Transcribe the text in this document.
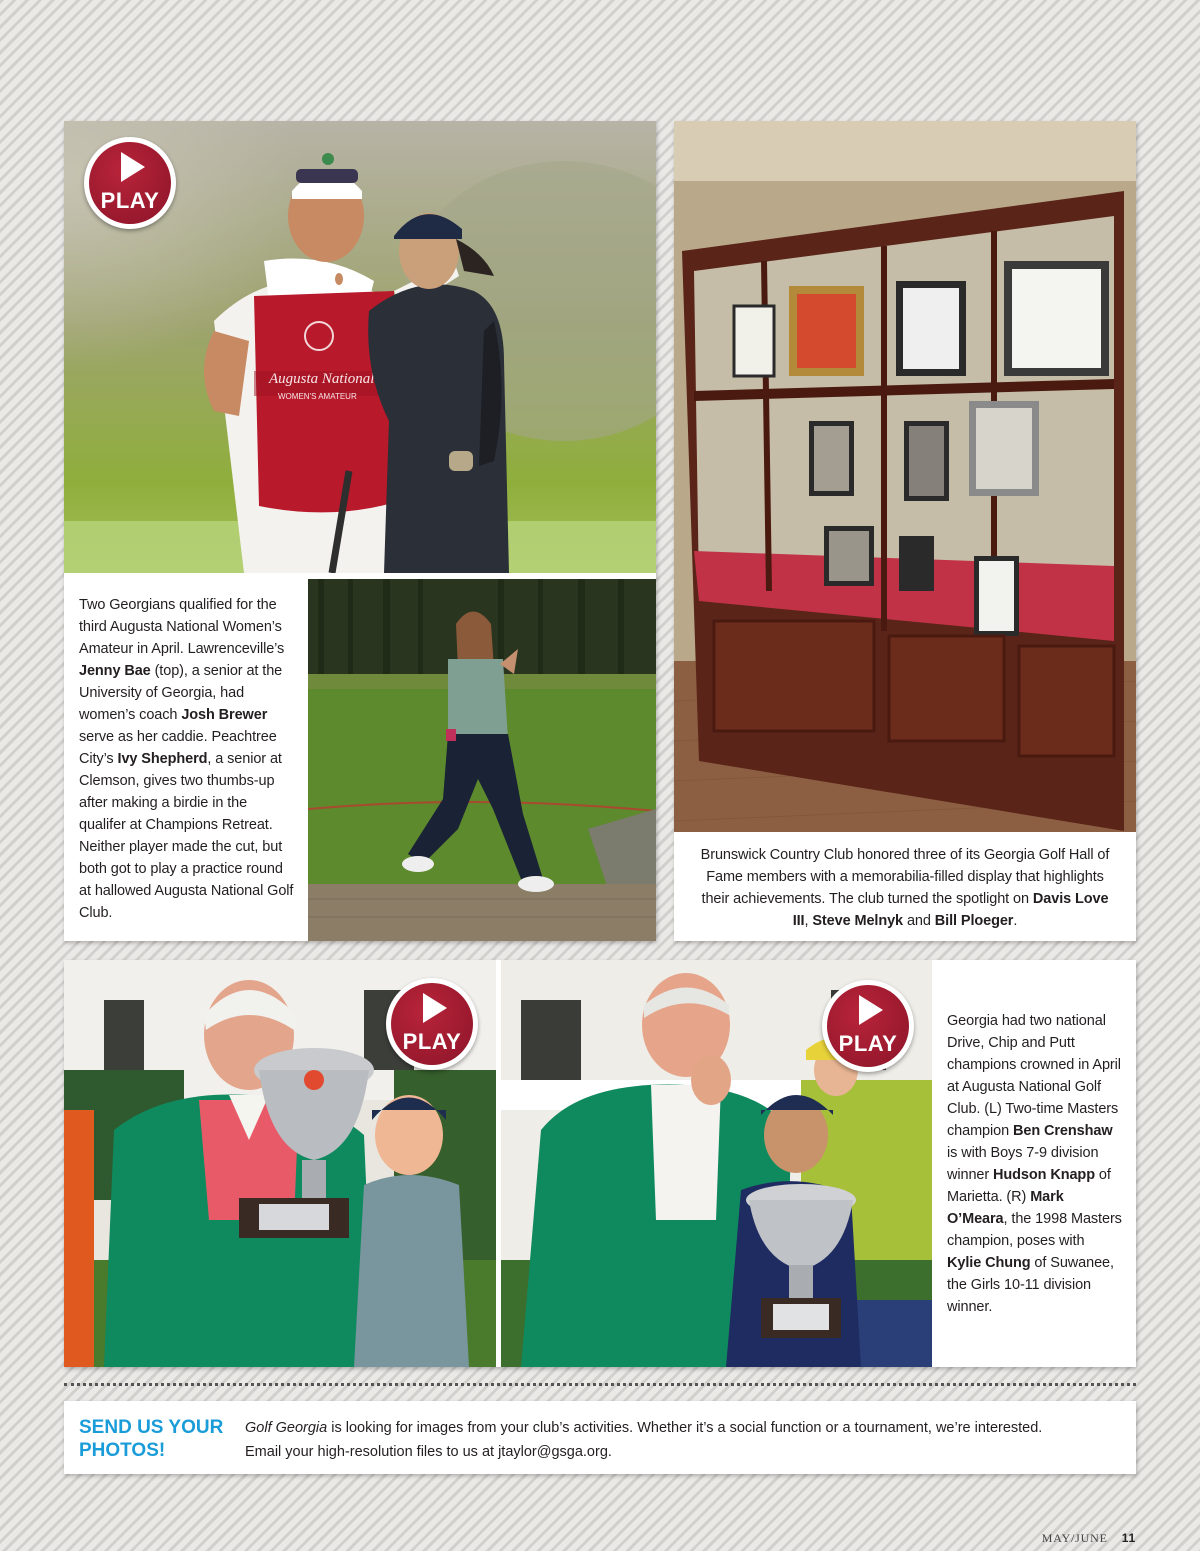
Augusta National
WOMEN'S AMATEUR
PLAY
Two Georgians qualified for the third Augusta National Women’s Amateur in April. Lawrenceville’s Jenny Bae (top), a senior at the University of Georgia, had women’s coach Josh Brewer serve as her caddie. Peachtree City’s Ivy Shepherd, a senior at Clemson, gives two thumbs-up after making a birdie in the qualifer at Champions Retreat. Neither player made the cut, but both got to play a practice round at hallowed Augusta National Golf Club.
Brunswick Country Club honored three of its Georgia Golf Hall of Fame members with a memorabilia-filled display that highlights their achievements. The club turned the spotlight on Davis Love III, Steve Melnyk and Bill Ploeger.
PLAY	PLAY
Georgia had two national Drive, Chip and Putt champions crowned in April at Augusta National Golf Club. (L) Two-time Masters champion Ben Crenshaw is with Boys 7-9 division winner Hudson Knapp of Marietta. (R) Mark O’Meara, the 1998 Masters champion, poses with Kylie Chung of Suwanee, the Girls 10-11 division winner.
SEND US YOUR PHOTOS!
Golf Georgia is looking for images from your club’s activities. Whether it’s a social function or a tournament, we’re interested.
Email your high-resolution files to us at jtaylor@gsga.org.
MAY/JUNE 11
